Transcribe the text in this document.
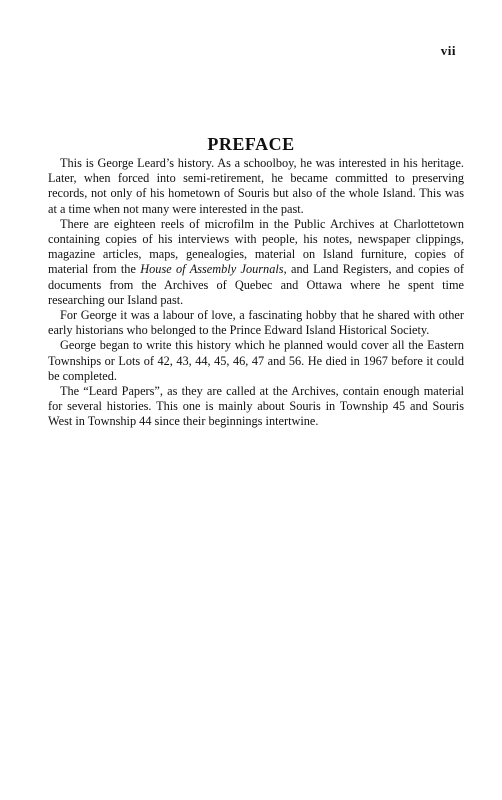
vii
PREFACE

This is George Leard’s history. As a schoolboy, he was interested in his heritage. Later, when forced into semi-retirement, he became committed to preserving records, not only of his hometown of Souris but also of the whole Island. This was at a time when not many were interested in the past.

There are eighteen reels of microfilm in the Public Archives at Charlottetown containing copies of his interviews with people, his notes, newspaper clippings, magazine articles, maps, genealogies, material on Island furniture, copies of material from the House of Assembly Journals, and Land Registers, and copies of documents from the Archives of Quebec and Ottawa where he spent time researching our Island past.

For George it was a labour of love, a fascinating hobby that he shared with other early historians who belonged to the Prince Edward Island Historical Society.

George began to write this history which he planned would cover all the Eastern Townships or Lots of 42, 43, 44, 45, 46, 47 and 56. He died in 1967 before it could be completed.

The “Leard Papers”, as they are called at the Archives, contain enough material for several histories. This one is mainly about Souris in Township 45 and Souris West in Township 44 since their beginnings intertwine.
